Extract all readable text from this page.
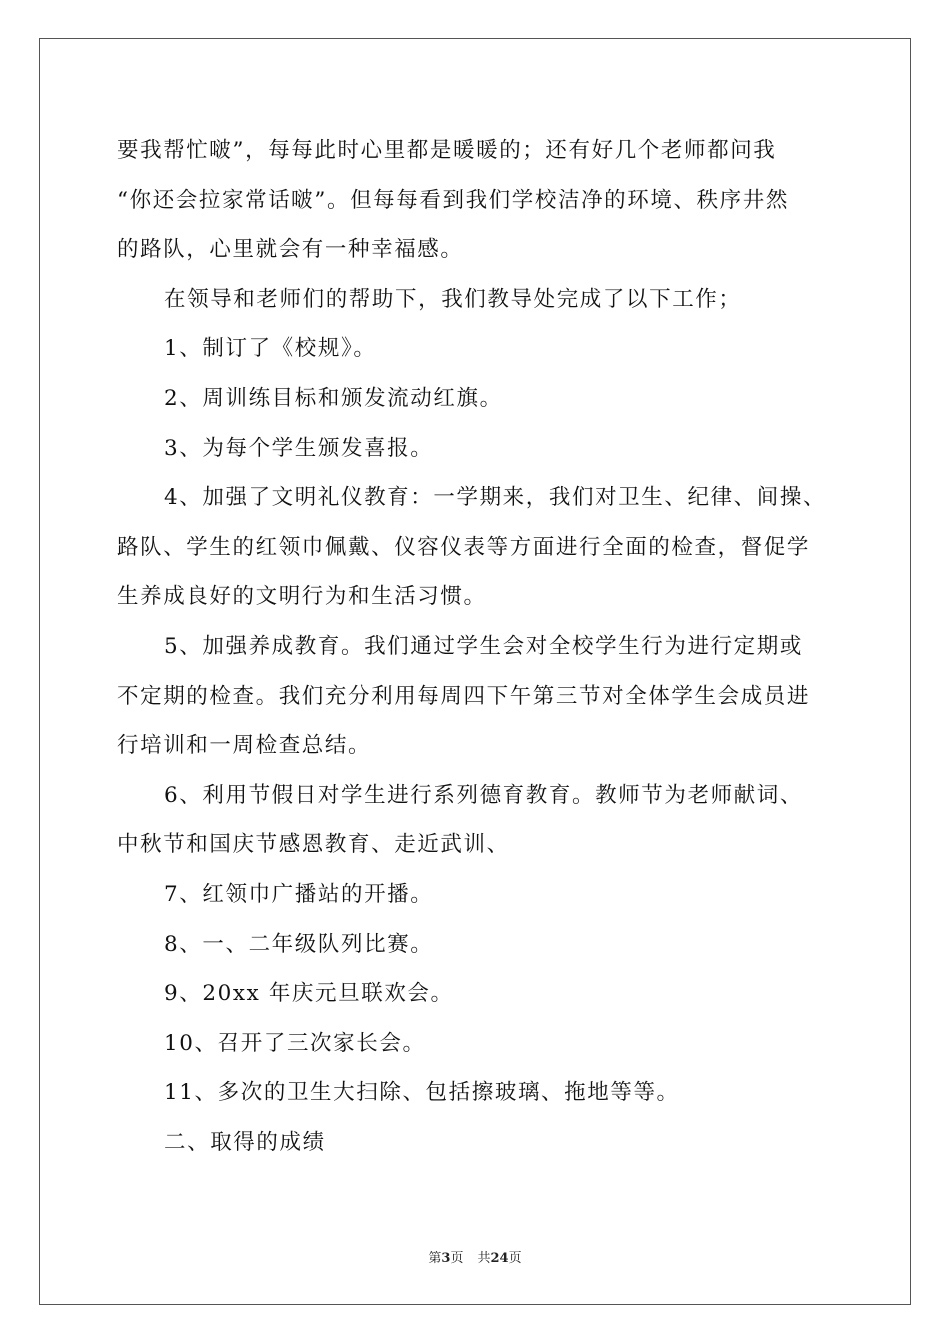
要我帮忙啵”，每每此时心里都是暖暖的；还有好几个老师都问我

“你还会拉家常话啵”。但每每看到我们学校洁净的环境、秩序井然

的路队，心里就会有一种幸福感。

在领导和老师们的帮助下，我们教导处完成了以下工作；

1、制订了《校规》。

2、周训练目标和颁发流动红旗。

3、为每个学生颁发喜报。

4、加强了文明礼仪教育：一学期来，我们对卫生、纪律、间操、

路队、学生的红领巾佩戴、仪容仪表等方面进行全面的检查，督促学

生养成良好的文明行为和生活习惯。

5、加强养成教育。我们通过学生会对全校学生行为进行定期或

不定期的检查。我们充分利用每周四下午第三节对全体学生会成员进

行培训和一周检查总结。

6、利用节假日对学生进行系列德育教育。教师节为老师献词、

中秋节和国庆节感恩教育、走近武训、

7、红领巾广播站的开播。

8、一、二年级队列比赛。

9、20xx 年庆元旦联欢会。

10、召开了三次家长会。

11、多次的卫生大扫除、包括擦玻璃、拖地等等。

二、取得的成绩

第3页 共24页
